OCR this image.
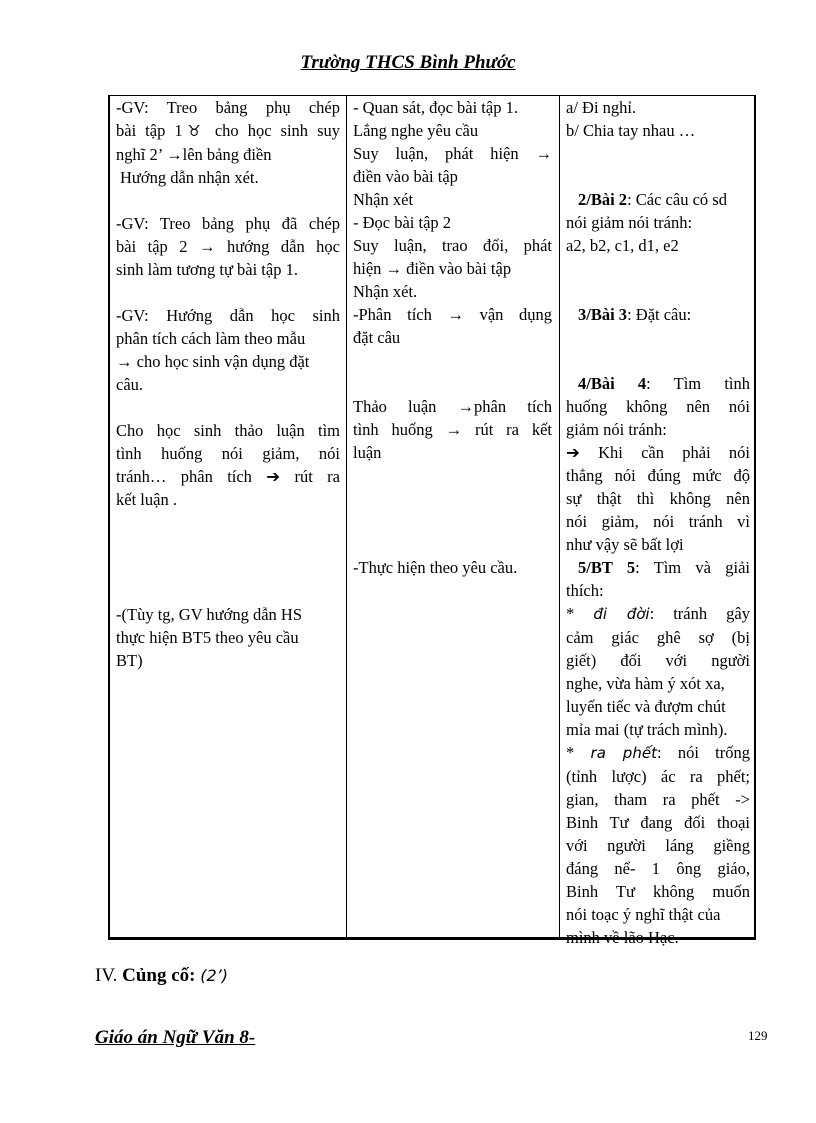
Trường THCS Bình Phước
-GV: Treo bảng phụ chép
bài tập 1♉ cho học sinh suy
nghĩ 2’ →lên bảng điền
Hướng dẫn nhận xét.

-GV: Treo bảng phụ đã chép
bài tập 2 → hướng dẫn học
sinh làm tương tự bài tập 1.

-GV: Hướng dẫn học sinh
phân tích cách làm theo mẫu
→ cho học sinh vận dụng đặt
câu.

Cho học sinh thảo luận tìm
tình huống nói giảm, nói
tránh… phân tích ➔ rút ra
kết luận .

-(Tùy tg, GV hướng dẫn HS
thực hiện BT5 theo yêu cầu
BT)
- Quan sát, đọc bài tập 1.
Lắng nghe yêu cầu
Suy luận, phát hiện →
điền vào bài tập
Nhận xét
- Đọc bài tập 2
Suy luận, trao đổi, phát
hiện → điền vào bài tập
Nhận xét.
-Phân tích → vận dụng
đặt câu

Thảo luận →phân tích
tình huống → rút ra kết
luận

-Thực hiện theo yêu cầu.
a/ Đi nghỉ.
b/ Chia tay nhau …

2/Bài 2: Các câu có sd
nói giảm nói tránh:
a2, b2, c1, d1, e2

3/Bài 3: Đặt câu:

4/Bài 4: Tìm tình
huống không nên nói
giảm nói tránh:
➔ Khi cần phải nói
thẳng nói đúng mức độ
sự thật thì không nên
nói giảm, nói tránh vì
như vậy sẽ bất lợi
5/BT 5: Tìm và giải
thích:
* đi đời: tránh gây
cảm giác ghê sợ (bị
giết) đối với người
nghe, vừa hàm ý xót xa,
luyến tiếc và đượm chút
mỉa mai (tự trách mình).
* ra phết: nói trống
(tỉnh lược) ác ra phết;
gian, tham ra phết ->
Binh Tư đang đối thoại
với người láng giềng
đáng nể- 1 ông giáo,
Binh Tư không muốn
nói toạc ý nghĩ thật của
mình về lão Hạc.
IV. Củng cố: (2’)
Giáo án Ngữ Văn 8-	129
